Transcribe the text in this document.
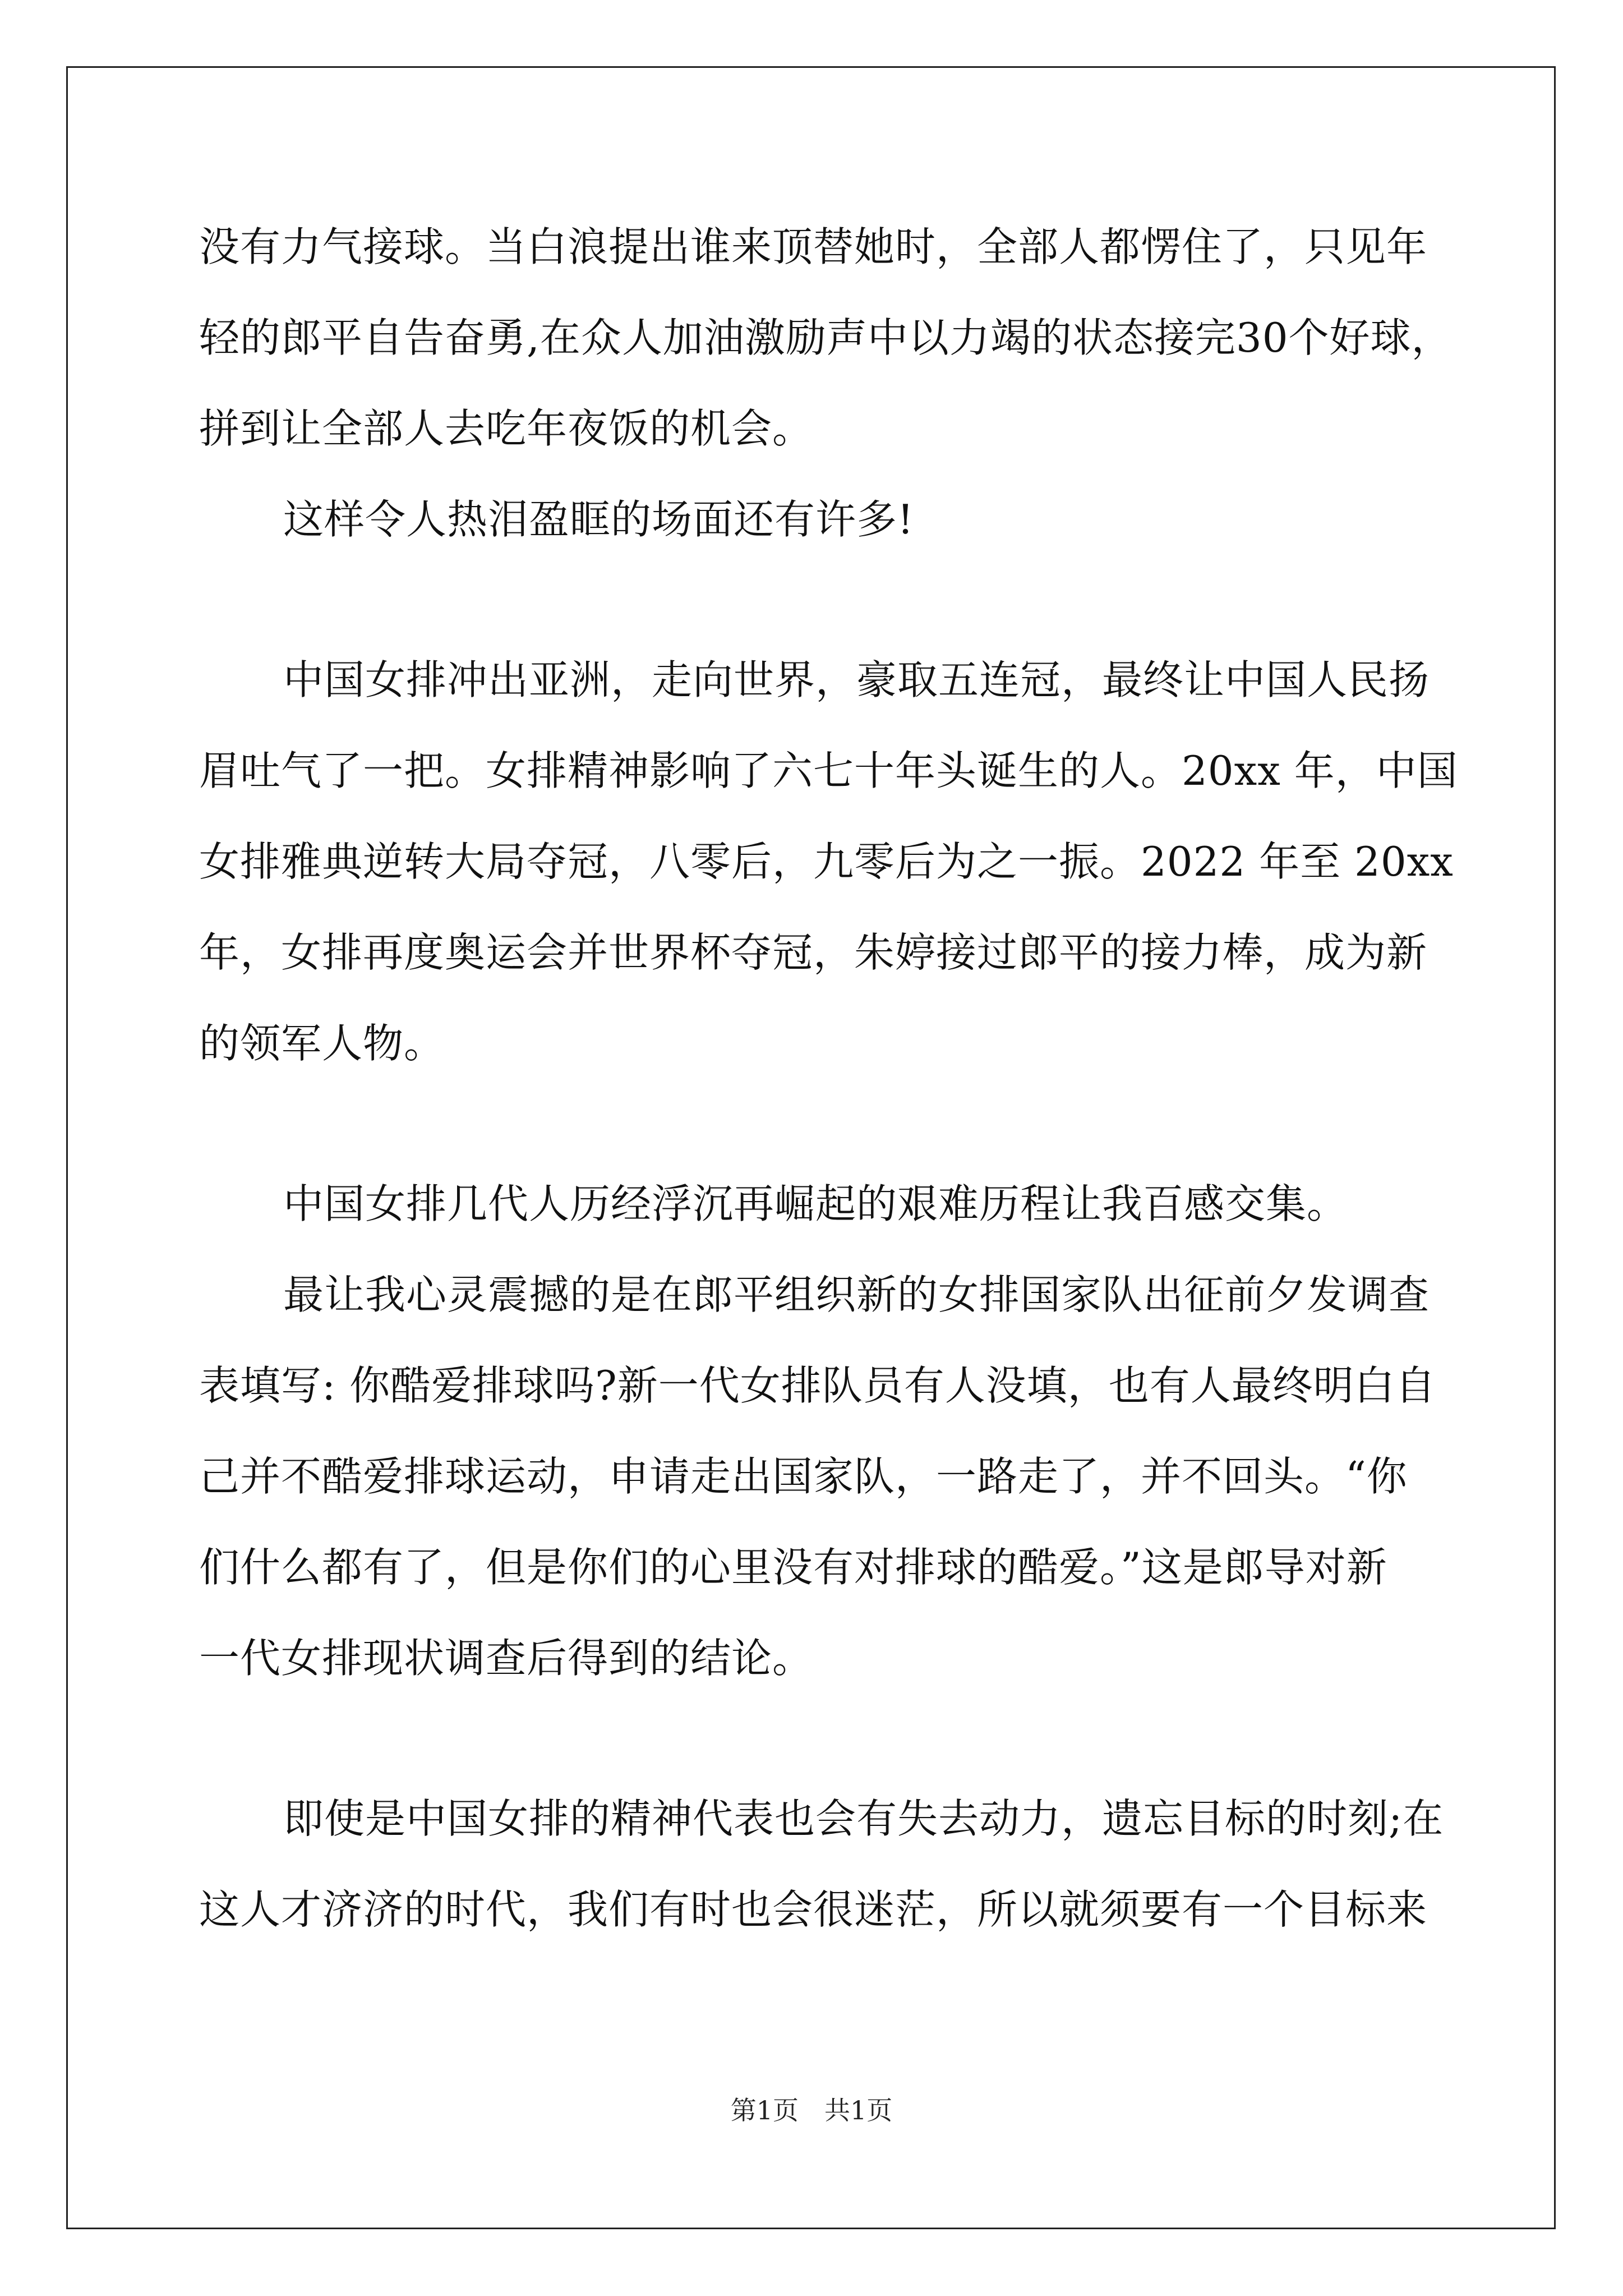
没有力气接球。当白浪提出谁来顶替她时，全部人都愣住了，只见年
轻的郎平自告奋勇,在众人加油激励声中以力竭的状态接完30个好球，
拼到让全部人去吃年夜饭的机会。
这样令人热泪盈眶的场面还有许多!
中国女排冲出亚洲，走向世界，豪取五连冠，最终让中国人民扬
眉吐气了一把。女排精神影响了六七十年头诞生的人。20xx 年，中国
女排雅典逆转大局夺冠，八零后，九零后为之一振。2022 年至 20xx
年，女排再度奥运会并世界杯夺冠，朱婷接过郎平的接力棒，成为新
的领军人物。
中国女排几代人历经浮沉再崛起的艰难历程让我百感交集。
最让我心灵震撼的是在郎平组织新的女排国家队出征前夕发调查
表填写: 你酷爱排球吗?新一代女排队员有人没填，也有人最终明白自
己并不酷爱排球运动，申请走出国家队，一路走了，并不回头。“你
们什么都有了，但是你们的心里没有对排球的酷爱。”这是郎导对新
一代女排现状调查后得到的结论。
即使是中国女排的精神代表也会有失去动力，遗忘目标的时刻;在
这人才济济的时代，我们有时也会很迷茫，所以就须要有一个目标来
第1页　共1页
